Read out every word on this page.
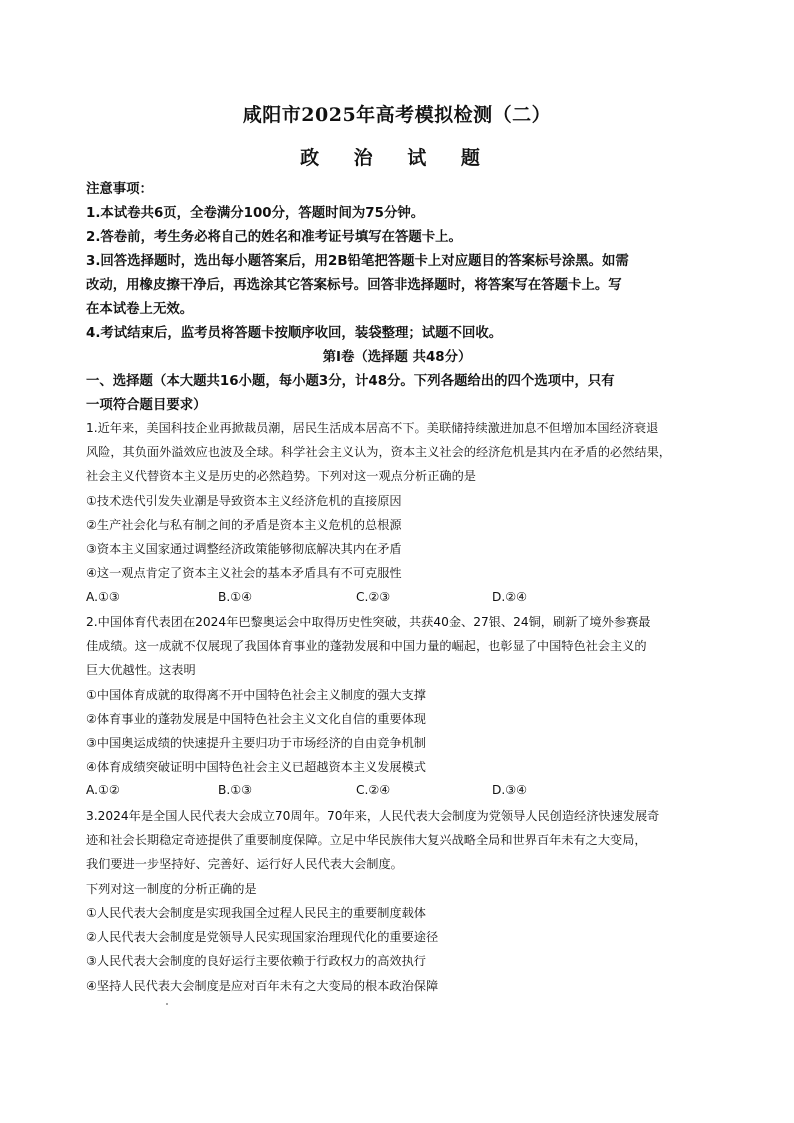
咸阳市2025年高考模拟检测（二）
政 治 试 题
注意事项：
1.本试卷共6页，全卷满分100分，答题时间为75分钟。
2.答卷前，考生务必将自己的姓名和准考证号填写在答题卡上。
3.回答选择题时，选出每小题答案后，用2B铅笔把答题卡上对应题目的答案标号涂黑。如需
改动，用橡皮擦干净后，再选涂其它答案标号。回答非选择题时，将答案写在答题卡上。写
在本试卷上无效。
4.考试结束后，监考员将答题卡按顺序收回，装袋整理；试题不回收。
第Ⅰ卷（选择题 共48分）
一、选择题（本大题共16小题，每小题3分，计48分。下列各题给出的四个选项中，只有
一项符合题目要求）
1.近年来，美国科技企业再掀裁员潮，居民生活成本居高不下。美联储持续激进加息不但增加本国经济衰退
风险，其负面外溢效应也波及全球。科学社会主义认为，资本主义社会的经济危机是其内在矛盾的必然结果，
社会主义代替资本主义是历史的必然趋势。下列对这一观点分析正确的是
①技术迭代引发失业潮是导致资本主义经济危机的直接原因
②生产社会化与私有制之间的矛盾是资本主义危机的总根源
③资本主义国家通过调整经济政策能够彻底解决其内在矛盾
④这一观点肯定了资本主义社会的基本矛盾具有不可克服性
A.①③	B.①④	C.②③	D.②④
2.中国体育代表团在2024年巴黎奥运会中取得历史性突破，共获40金、27银、24铜，刷新了境外参赛最
佳成绩。这一成就不仅展现了我国体育事业的蓬勃发展和中国力量的崛起，也彰显了中国特色社会主义的
巨大优越性。这表明
①中国体育成就的取得离不开中国特色社会主义制度的强大支撑
②体育事业的蓬勃发展是中国特色社会主义文化自信的重要体现
③中国奥运成绩的快速提升主要归功于市场经济的自由竞争机制
④体育成绩突破证明中国特色社会主义已超越资本主义发展模式
A.①②	B.①③	C.②④	D.③④
3.2024年是全国人民代表大会成立70周年。70年来，人民代表大会制度为党领导人民创造经济快速发展奇
迹和社会长期稳定奇迹提供了重要制度保障。立足中华民族伟大复兴战略全局和世界百年未有之大变局，
我们要进一步坚持好、完善好、运行好人民代表大会制度。
下列对这一制度的分析正确的是
①人民代表大会制度是实现我国全过程人民民主的重要制度载体
②人民代表大会制度是党领导人民实现国家治理现代化的重要途径
③人民代表大会制度的良好运行主要依赖于行政权力的高效执行
④坚持人民代表大会制度是应对百年未有之大变局的根本政治保障
